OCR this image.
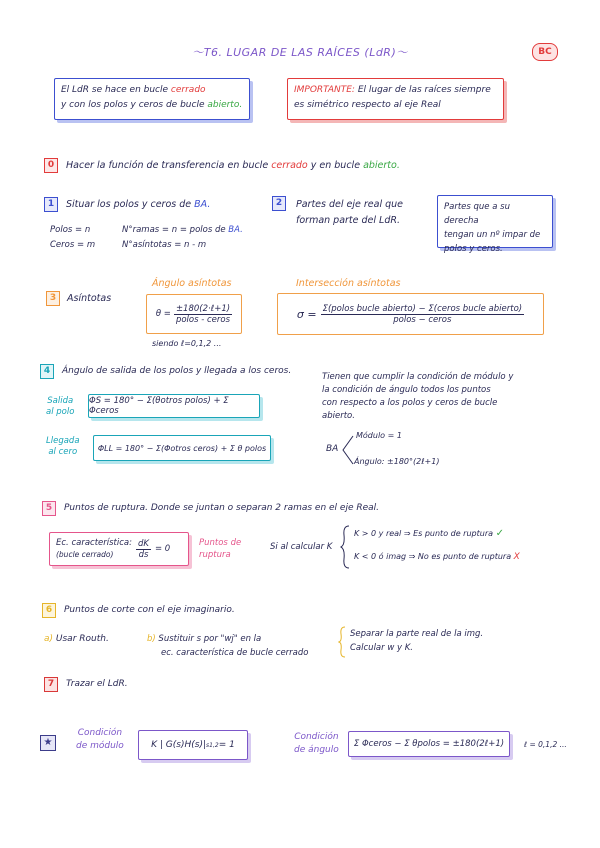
〜T6. LUGAR DE LAS RAÍCES (LdR)〜	BC
El LdR se hace en bucle cerrado
y con los polos y ceros de bucle abierto.
IMPORTANTE: El lugar de las raíces siempre
es simétrico respecto al eje Real
0	Hacer la función de transferencia en bucle cerrado y en bucle abierto.
1	Situar los polos y ceros de BA.
Polos = n
Ceros = m
N°ramas = n = polos de BA.
N°asíntotas = n - m
2	Partes del eje real que
forman parte del LdR.
Partes que a su derecha
tengan un nº impar de
polos y ceros.
3	Asíntotas
Ángulo asíntotas
$\theta = \frac{\text{±180(2·ℓ+1)}}{\text{polos - ceros}}$
siendo ℓ=0,1,2 ...
Intersección asíntotas
$\sigma = \frac{\text{Σ(polos bucle abierto) − Σ(ceros bucle abierto)}}{\text{polos − ceros}}$
4	Ángulo de salida de los polos y llegada a los ceros.
Salida
al polo
ΦS = 180° − Σ(θotros polos) + Σ Φceros
Llegada
al cero	ΦLL = 180° − Σ(Φotros ceros) + Σ θ polos
Tienen que cumplir la condición de módulo y
la condición de ángulo todos los puntos
con respecto a los polos y ceros de bucle
abierto.
BA
Módulo = 1
Ángulo: ±180°(2ℓ+1)
5	Puntos de ruptura. Donde se juntan o separan 2 ramas en el eje Real.
Ec. característica:
(bucle cerrado)	$\frac{dK}{ds} = 0$
Puntos de
ruptura
Si al calcular K
K > 0 y real ⇒ Es punto de ruptura ✓
K < 0 ó imag ⇒ No es punto de ruptura X
6	Puntos de corte con el eje imaginario.
a) Usar Routh.	b) Sustituir s por "wj" en la
ec. característica de bucle cerrado
Separar la parte real de la img.
Calcular w y K.
7	Trazar el LdR.
★
Condición
de módulo	K | G(s)H(s)| s1,2 = 1
Condición
de ángulo
Σ Φceros − Σ θpolos = ±180(2ℓ+1)	ℓ = 0,1,2 ...
